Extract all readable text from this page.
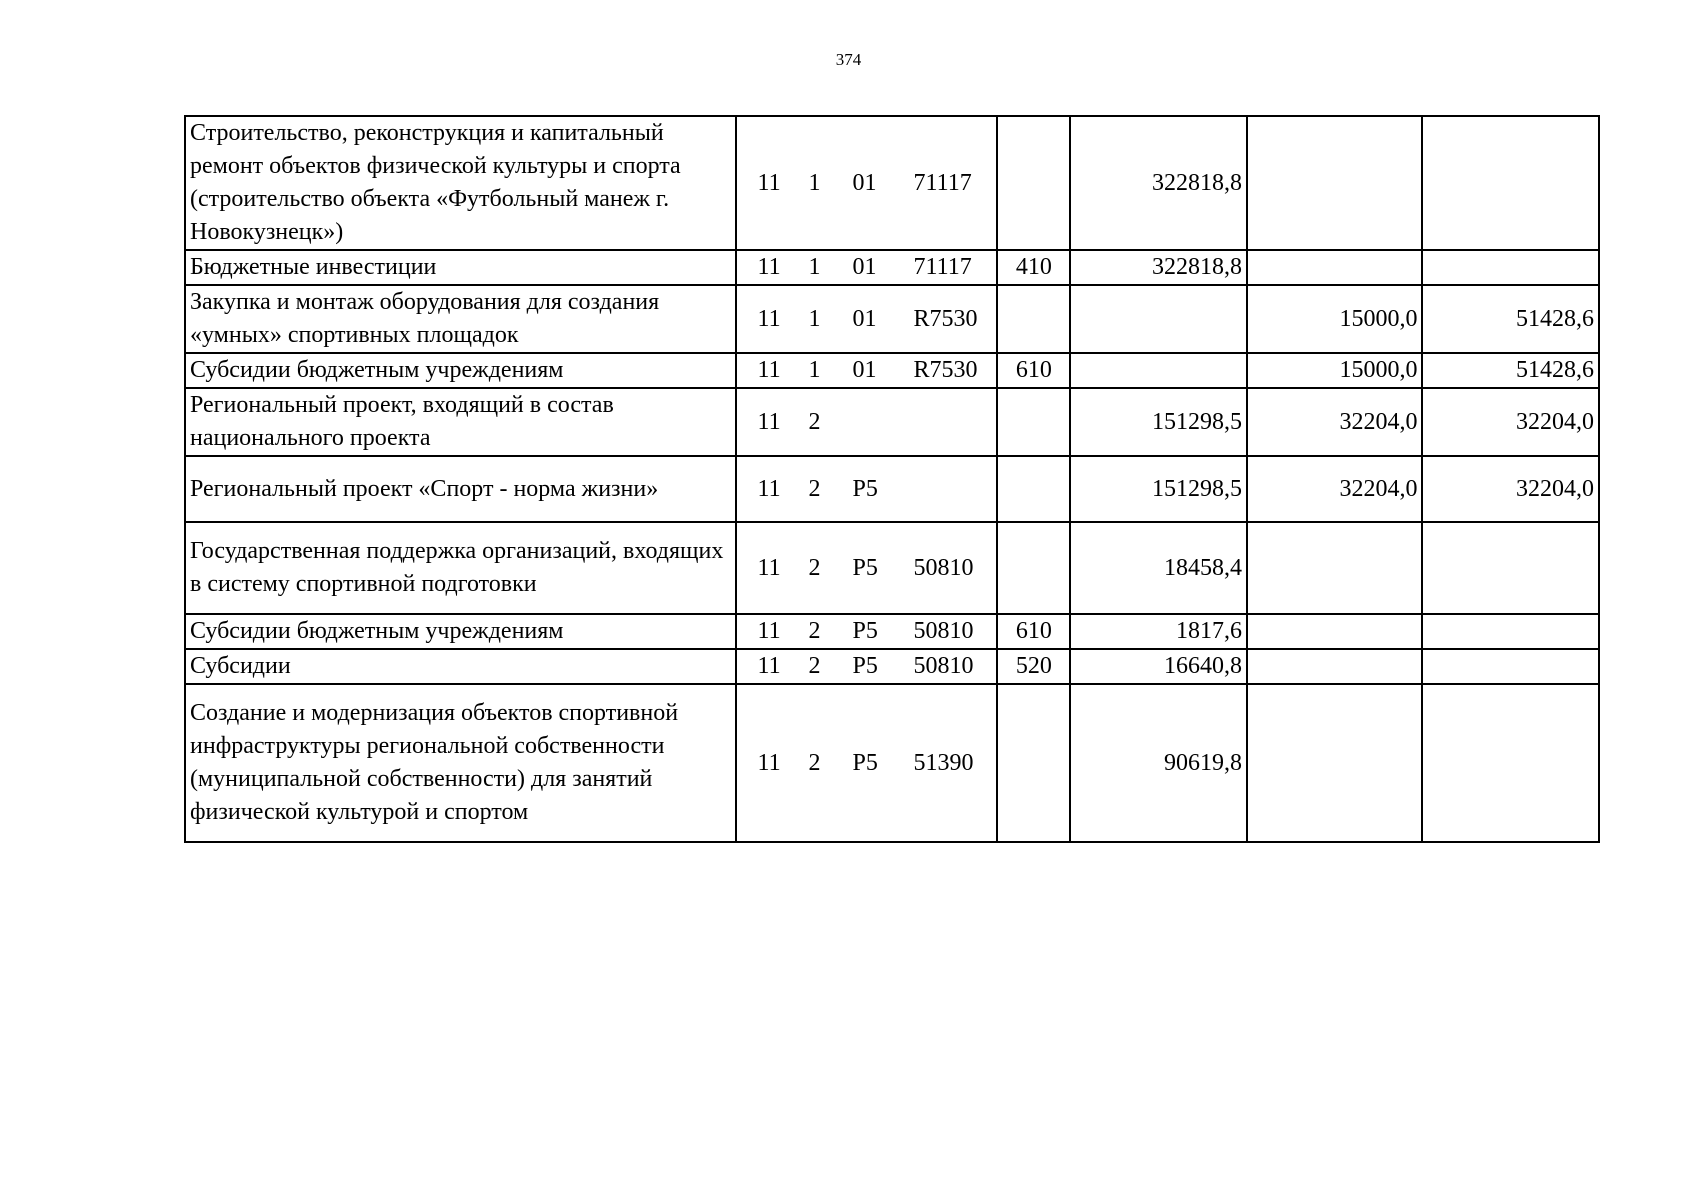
374
Строительство, реконструкция и капитальный ремонт объектов физической культуры и спорта (строительство объекта «Футбольный манеж г. Новокузнецк»)	11 1 01 71117		322818,8		
Бюджетные инвестиции	11 1 01 71117	410	322818,8		
Закупка и монтаж оборудования для создания «умных» спортивных площадок	11 1 01 R7530			15000,0	51428,6
Субсидии бюджетным учреждениям	11 1 01 R7530	610		15000,0	51428,6
Региональный проект, входящий в состав национального проекта	11 2		151298,5	32204,0	32204,0
Региональный проект «Спорт - норма жизни»	11 2 P5		151298,5	32204,0	32204,0
Государственная поддержка организаций, входящих в систему спортивной подготовки	11 2 P5 50810		18458,4		
Субсидии бюджетным учреждениям	11 2 P5 50810	610	1817,6		
Субсидии	11 2 P5 50810	520	16640,8		
Создание и модернизация объектов спортивной инфраструктуры региональной собственности (муниципальной собственности) для занятий физической культурой и спортом	11 2 P5 51390		90619,8		
